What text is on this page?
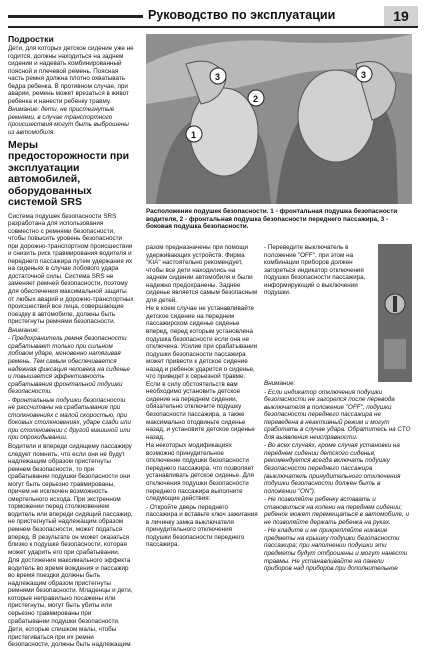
Руководство по эксплуатации	19
Подростки

Дети, для которых детское сидение уже не годится, должны находиться на заднем сидении и надевать комбинированный поясной и плечевой ремень. Поясная часть ремня должна плотно охватывать бедра ребенка. В противном случае, при аварии, ремень может врезаться в живот ребенка и нанести ребенку травму.

Внимание: дети, не пристегнутые ремнями, в случае транспортного происшествия могут быть выброшены из автомобиля.

Меры предосторожности при эксплуатации автомобилей, оборудованных системой SRS

Система подушек безопасности SRS разработана для использования совместно с ремнями безопасности, чтобы повысить уровень безопасности при дорожно-транспортном происшествии и снизить риск травмирования водителя и переднего пассажира путем удержания их на сиденьях в случае лобового удара достаточной силы. Система SRS не заменяет ремней безопасности, поэтому для обеспечения максимальной защиты от любых аварий и дорожно-транспортных происшествий все лица, совершающие поездку в автомобиле, должны быть пристегнуты ремнями безопасности.

Внимание:

- Предохранитель ремня безопасности срабатывает только при сильном лобовом ударе, мгновенно натягивая ремень. Тем самым обеспечивается надежная фиксация человека на сиденье и повышается эффективность срабатывания фронтальной подушки безопасности.

- Фронтальные подушки безопасности не рассчитаны на срабатывание при столкновениях с малой скоростью, при боковых столкновениях, ударе сзади или при столкновении с другой машиной или при опрокидывании.

Водители и впереди сидящему пассажиру следует помнить, что если они не будут надлежащим образом пристегнуты ремнем безопасности, то при срабатывании подушки безопасности они могут быть серьезно травмированы, причем не исключен возможность смертельного исхода. При экстренном торможении перед столкновением водитель или впереди сидящий пассажир, не пристегнутый надлежащим образом ремнем безопасности, может податься вперед. В результате он может оказаться близко к подушке безопасности, которая может ударить его при срабатывании.

Для достижения максимального эффекта водитель во время вождения и пассажир во время поездки должны быть надлежащим образом пристегнуты ремнями безопасности. Младенцы и дети, которые неправильно посажены или пристегнуты, могут быть убиты или серьезно травмированы при срабатывании подушки безопасности.

Дети, которые слишком малы, чтобы пристегиваться при их ремни безопасности, должны быть надлежащим

1
2
3	3
Расположение подушек безопасности. 1 - фронтальная подушка безопасности водителя, 2 - фронтальная подушка безопасности переднего пассажира, 3 - боковая подушка безопасности.

разом предназначены при помощи удерживающих устройств. Фирма "KIA" настоятельно рекомендует, чтобы все дети находились на заднем сидении автомобиля и были надежно предохранены. Заднее сиденье является самым безопасным для детей.

Не в коем случае не устанавливайте детское сидение на переднем пассажирском сиденье сиденье вперед, перед которым установлена подушка безопасности если она не отключена. Усилие при срабатывании подушки безопасности пассажира может привести к детское сидение назад и ребенок ударится о сиденье, что приведет к серьезной травме. Если в силу обстоятельств вам необходимо установить детское сидение на переднем сидении, обязательно отключите подушку безопасности пассажира, а также максимально отодвиньте сиденье назад, и установите детское сиденье назад.

На некоторых модификациях возможно принудительное отключение подушки безопасности переднего пассажира, что позволяет устанавливать детское сиденье. Для отключения подушки безопасности переднего пассажира выполните следующие действия:

- Откройте дверь переднего пассажира и вставьте ключ зажигания в личинку замка выключателя принудительного отключения подушки безопасности переднего пассажира.

- Переведите выключатель в положение "OFF", при этом на комбинации приборов должен загореться индикатор отключения подушки безопасности пассажира, информирующий о выключении подушки.

Внимание:

- Если индикатор отключения подушки безопасности не загорелся после перевода выключателя в положение "OFF", подушки безопасности переднего пассажира не переведена в неактивный режим и могут сработать в случае удара. Обратитесь на СТО для выявления неисправности.

- Во всех случаях, кроме случая установки на переднем сидении детского сиденья, рекомендуется всегда включать подушку безопасности переднего пассажира (выключатель принудительного отключения подушки безопасности должен быть в положении "ON").

- Не позволяйте ребенку вставать и становиться на колени на переднем сидении; ребенок может перемещаться в автомобиле, и не позволяйте держать ребенка на руках.

- Не кладите и не прикрепляйте никакие предметы на крышку подушки безопасности пассажира; при наполнении подушки эти предметы будут отброшены и могут нанести травмы. Не устанавливайте на панели приборов над приборов при дополнительное
